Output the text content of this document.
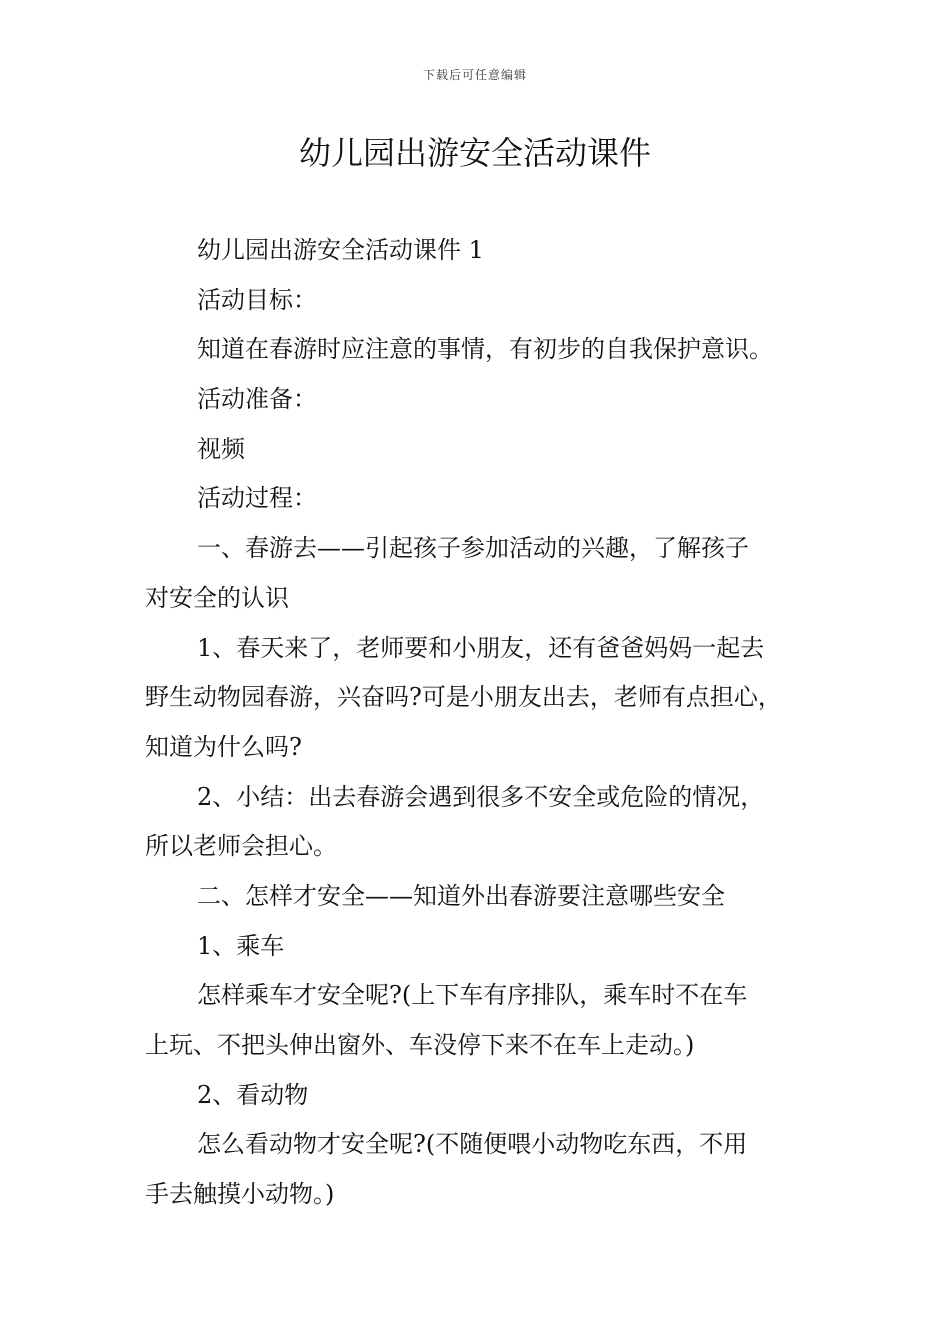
下载后可任意编辑
幼儿园出游安全活动课件
幼儿园出游安全活动课件 1
活动目标：
知道在春游时应注意的事情，有初步的自我保护意识。
活动准备：
视频
活动过程：
一、春游去——引起孩子参加活动的兴趣，了解孩子
对安全的认识
1、春天来了，老师要和小朋友，还有爸爸妈妈一起去
野生动物园春游，兴奋吗?可是小朋友出去，老师有点担心，
知道为什么吗?
2、小结：出去春游会遇到很多不安全或危险的情况，
所以老师会担心。
二、怎样才安全——知道外出春游要注意哪些安全
1、乘车
怎样乘车才安全呢?(上下车有序排队，乘车时不在车
上玩、不把头伸出窗外、车没停下来不在车上走动。)
2、看动物
怎么看动物才安全呢?(不随便喂小动物吃东西，不用
手去触摸小动物。)
